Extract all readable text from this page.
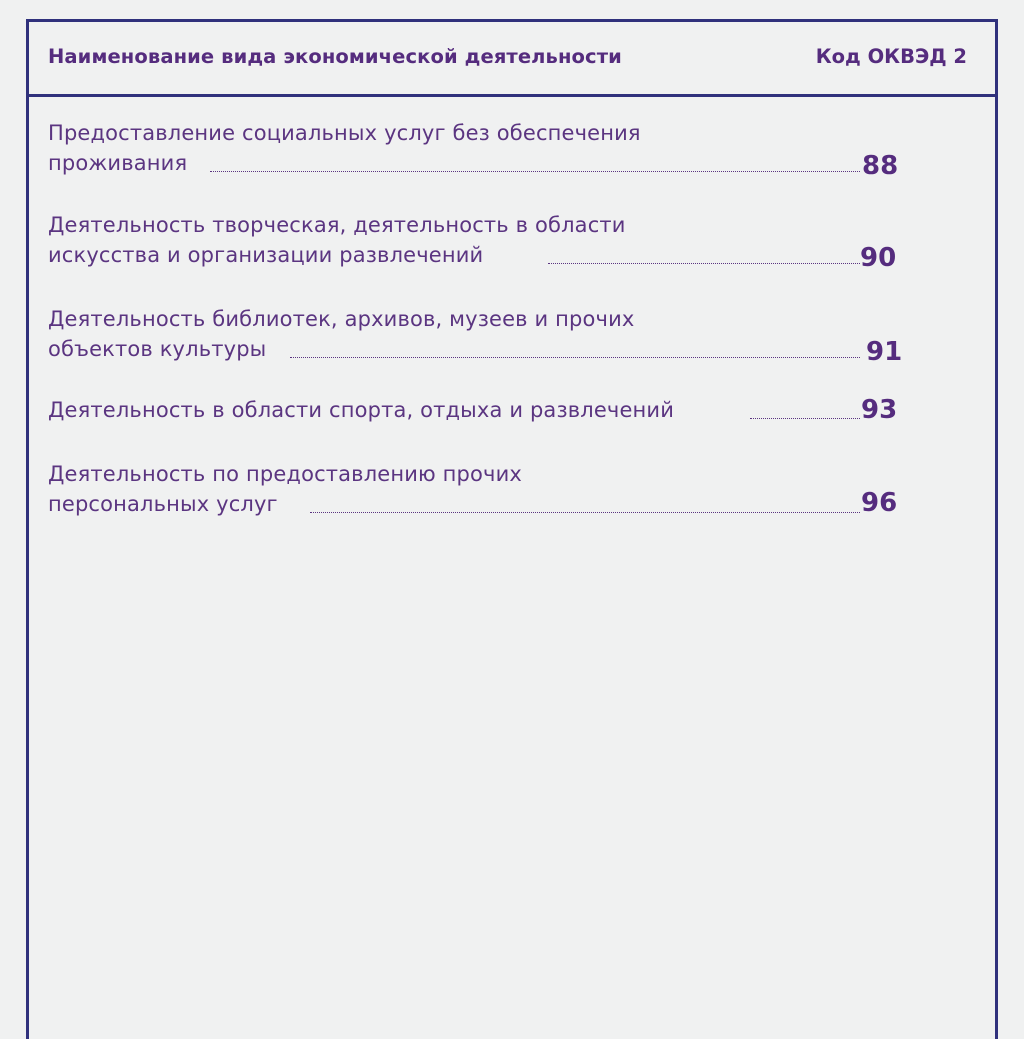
Наименование вида экономической деятельности	Код ОКВЭД 2
Предоставление социальных услуг без обеспечения
проживания	88
Деятельность творческая, деятельность в области
искусства и организации развлечений	90
Деятельность библиотек, архивов, музеев и прочих
объектов культуры	91
Деятельность в области спорта, отдыха и развлечений	93
Деятельность по предоставлению прочих
персональных услуг	96
